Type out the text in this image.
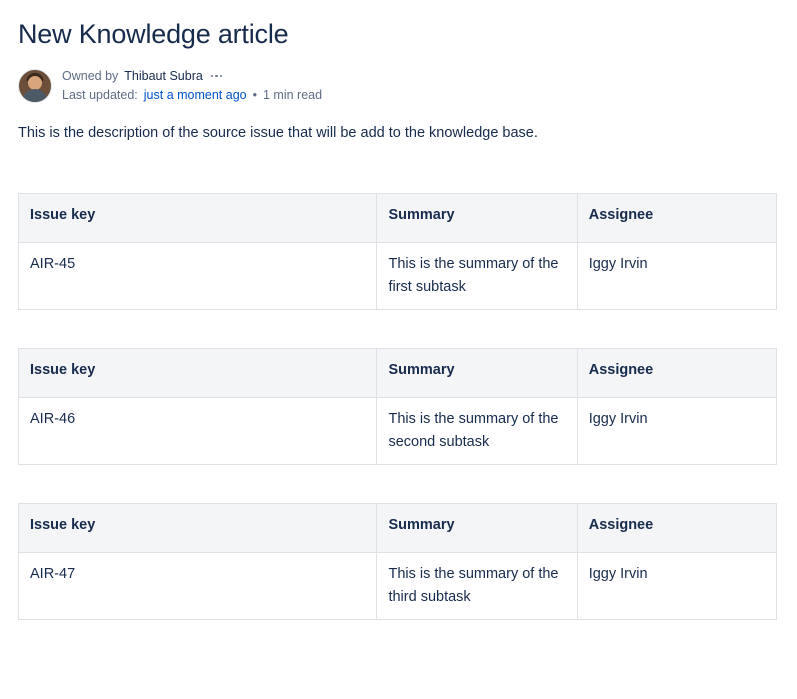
New Knowledge article
Owned by Thibaut Subra
Last updated: just a moment ago • 1 min read

This is the description of the source issue that will be add to the knowledge base.

Issue key	Summary	Assignee
AIR-45	This is the summary of the first subtask	Iggy Irvin
Issue key	Summary	Assignee
AIR-46	This is the summary of the second subtask	Iggy Irvin
Issue key	Summary	Assignee
AIR-47	This is the summary of the third subtask	Iggy Irvin
